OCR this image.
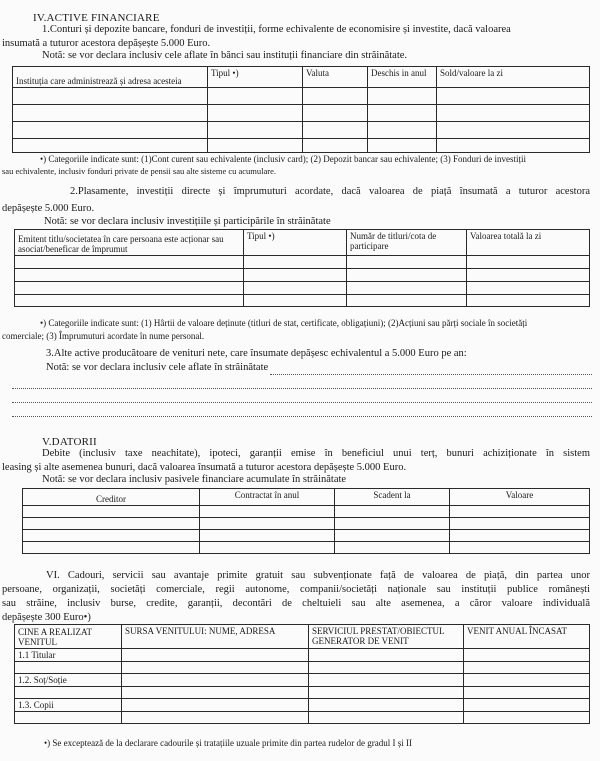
IV.ACTIVE FINANCIARE
1.Conturi și depozite bancare, fonduri de investiții, forme echivalente de economisire și investite, dacă valoarea
insumată a tuturor acestora depășește 5.000 Euro.
Notă: se vor declara inclusiv cele aflate în bănci sau instituții financiare din străinătate.
Instituția care administrează și adresa acesteia	Tipul •)	Valuta	Deschis in anul	Sold/valoare la zi

•) Categoriile indicate sunt: (1)Cont curent sau echivalente (inclusiv card); (2) Depozit bancar sau echivalente; (3) Fonduri de investiții
sau echivalente, inclusiv fonduri private de pensii sau alte sisteme cu acumulare.
2.Plasamente, investiții directe și împrumuturi acordate, dacă valoarea de piață însumată a tuturor acestora
depășește 5.000 Euro.
Notă: se vor declara inclusiv investițiile și participările în străinătate
Emitent titlu/societatea în care persoana este acționar sau asociat/beneficar de împrumut	Tipul •)	Număr de titluri/cota de participare	Valoarea totală la zi

•) Categoriile indicate sunt: (1) Hârtii de valoare deținute (titluri de stat, certificate, obligațiuni); (2)Acțiuni sau părți sociale în societăți
comerciale; (3) Împrumuturi acordate în nume personal.
3.Alte active producătoare de venituri nete, care însumate depășesc echivalentul a 5.000 Euro pe an:
Notă: se vor declara inclusiv cele aflate în străinătate
V.DATORII
Debite (inclusiv taxe neachitate), ipoteci, garanții emise în beneficiul unui terț, bunuri achiziționate în sistem
leasing și alte asemenea bunuri, dacă valoarea însumată a tuturor acestora depășește 5.000 Euro.
Notă: se vor declara inclusiv pasivele financiare acumulate în străinătate
Creditor	Contractat în anul	Scadent la	Valoare

VI. Cadouri, servicii sau avantaje primite gratuit sau subvenționate față de valoarea de piață, din partea unor
persoane, organizații, societăți comerciale, regii autonome, companii/societăți naționale sau instituții publice românești
sau străine, inclusiv burse, credite, garanții, decontări de cheltuieli sau alte asemenea, a căror valoare individuală
depășește 300 Euro•)
CINE A REALIZAT VENITUL	SURSA VENITULUI: NUME, ADRESA	SERVICIUL PRESTAT/OBIECTUL GENERATOR DE VENIT	VENIT ANUAL ÎNCASAT
1.1 Titular			

1.2. Soț/Soție			

1.3. Copii			

•) Se exceptează de la declarare cadourile și tratațiile uzuale primite din partea rudelor de gradul I și II
